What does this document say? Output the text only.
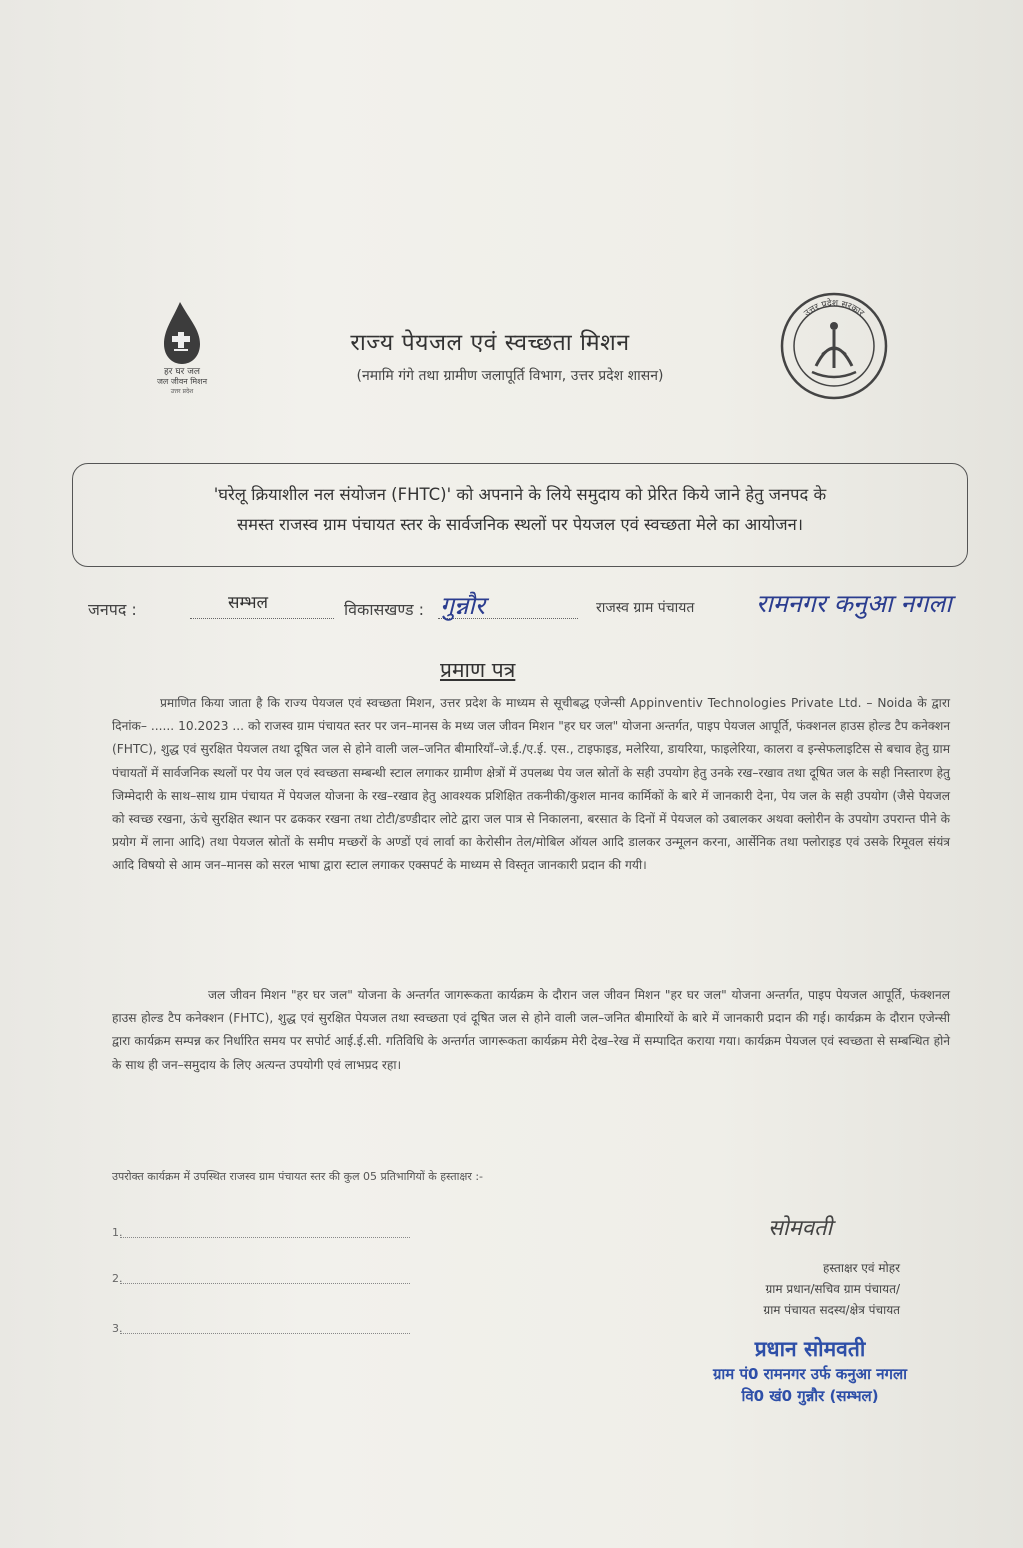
हर घर जल
जल जीवन मिशन
उत्तर प्रदेश
राज्य पेयजल एवं स्वच्छता मिशन
(नमामि गंगे तथा ग्रामीण जलापूर्ति विभाग, उत्तर प्रदेश शासन)
उत्तर प्रदेश सरकार
'घरेलू क्रियाशील नल संयोजन (FHTC)' को अपनाने के लिये समुदाय को प्रेरित किये जाने हेतु जनपद के
समस्त राजस्व ग्राम पंचायत स्तर के सार्वजनिक स्थलों पर पेयजल एवं स्वच्छता मेले का आयोजन।
जनपद :	सम्भल	विकासखण्ड : गुन्नौर	राजस्व ग्राम पंचायत रामनगर कनुआ नगला
प्रमाण पत्र
प्रमाणित किया जाता है कि राज्य पेयजल एवं स्वच्छता मिशन, उत्तर प्रदेश के माध्यम से सूचीबद्ध एजेन्सी Appinventiv Technologies Private Ltd. – Noida के द्वारा दिनांक– ...... 10.2023 ... को राजस्व ग्राम पंचायत स्तर पर जन–मानस के मध्य जल जीवन मिशन "हर घर जल" योजना अन्तर्गत, पाइप पेयजल आपूर्ति, फंक्शनल हाउस होल्ड टैप कनेक्शन (FHTC), शुद्ध एवं सुरक्षित पेयजल तथा दूषित जल से होने वाली जल–जनित बीमारियाँ–जे.ई./ए.ई. एस., टाइफाइड, मलेरिया, डायरिया, फाइलेरिया, कालरा व इन्सेफलाइटिस से बचाव हेतु ग्राम पंचायतों में सार्वजनिक स्थलों पर पेय जल एवं स्वच्छता सम्बन्धी स्टाल लगाकर ग्रामीण क्षेत्रों में उपलब्ध पेय जल स्रोतों के सही उपयोग हेतु उनके रख–रखाव तथा दूषित जल के सही निस्तारण हेतु जिम्मेदारी के साथ–साथ ग्राम पंचायत में पेयजल योजना के रख–रखाव हेतु आवश्यक प्रशिक्षित तकनीकी/कुशल मानव कार्मिकों के बारे में जानकारी देना, पेय जल के सही उपयोग (जैसे पेयजल को स्वच्छ रखना, ऊंचे सुरक्षित स्थान पर ढककर रखना तथा टोटी/डण्डीदार लोटे द्वारा जल पात्र से निकालना, बरसात के दिनों में पेयजल को उबालकर अथवा क्लोरीन के उपयोग उपरान्त पीने के प्रयोग में लाना आदि) तथा पेयजल स्रोतों के समीप मच्छरों के अण्डों एवं लार्वा का केरोसीन तेल/मोबिल ऑयल आदि डालकर उन्मूलन करना, आर्सेनिक तथा फ्लोराइड एवं उसके रिमूवल संयंत्र आदि विषयो से आम जन–मानस को सरल भाषा द्वारा स्टाल लगाकर एक्सपर्ट के माध्यम से विस्तृत जानकारी प्रदान की गयी।
जल जीवन मिशन "हर घर जल" योजना के अन्तर्गत जागरूकता कार्यक्रम के दौरान जल जीवन मिशन "हर घर जल" योजना अन्तर्गत, पाइप पेयजल आपूर्ति, फंक्शनल हाउस होल्ड टैप कनेक्शन (FHTC), शुद्ध एवं सुरक्षित पेयजल तथा स्वच्छता एवं दूषित जल से होने वाली जल–जनित बीमारियों के बारे में जानकारी प्रदान की गई। कार्यक्रम के दौरान एजेन्सी द्वारा कार्यक्रम सम्पन्न कर निर्धारित समय पर सपोर्ट आई.ई.सी. गतिविधि के अन्तर्गत जागरूकता कार्यक्रम मेरी देख–रेख में सम्पादित कराया गया। कार्यक्रम पेयजल एवं स्वच्छता से सम्बन्धित होने के साथ ही जन–समुदाय के लिए अत्यन्त उपयोगी एवं लाभप्रद रहा।
उपरोक्त कार्यक्रम में उपस्थित राजस्व ग्राम पंचायत स्तर की कुल 05 प्रतिभागियों के हस्ताक्षर :-
1.
2.
3.
सोमवती
हस्ताक्षर एवं मोहर
ग्राम प्रधान/सचिव ग्राम पंचायत/
ग्राम पंचायत सदस्य/क्षेत्र पंचायत
प्रधान सोमवती
ग्राम पं0 रामनगर उर्फ कनुआ नगला
वि0 खं0 गुन्नौर (सम्भल)
